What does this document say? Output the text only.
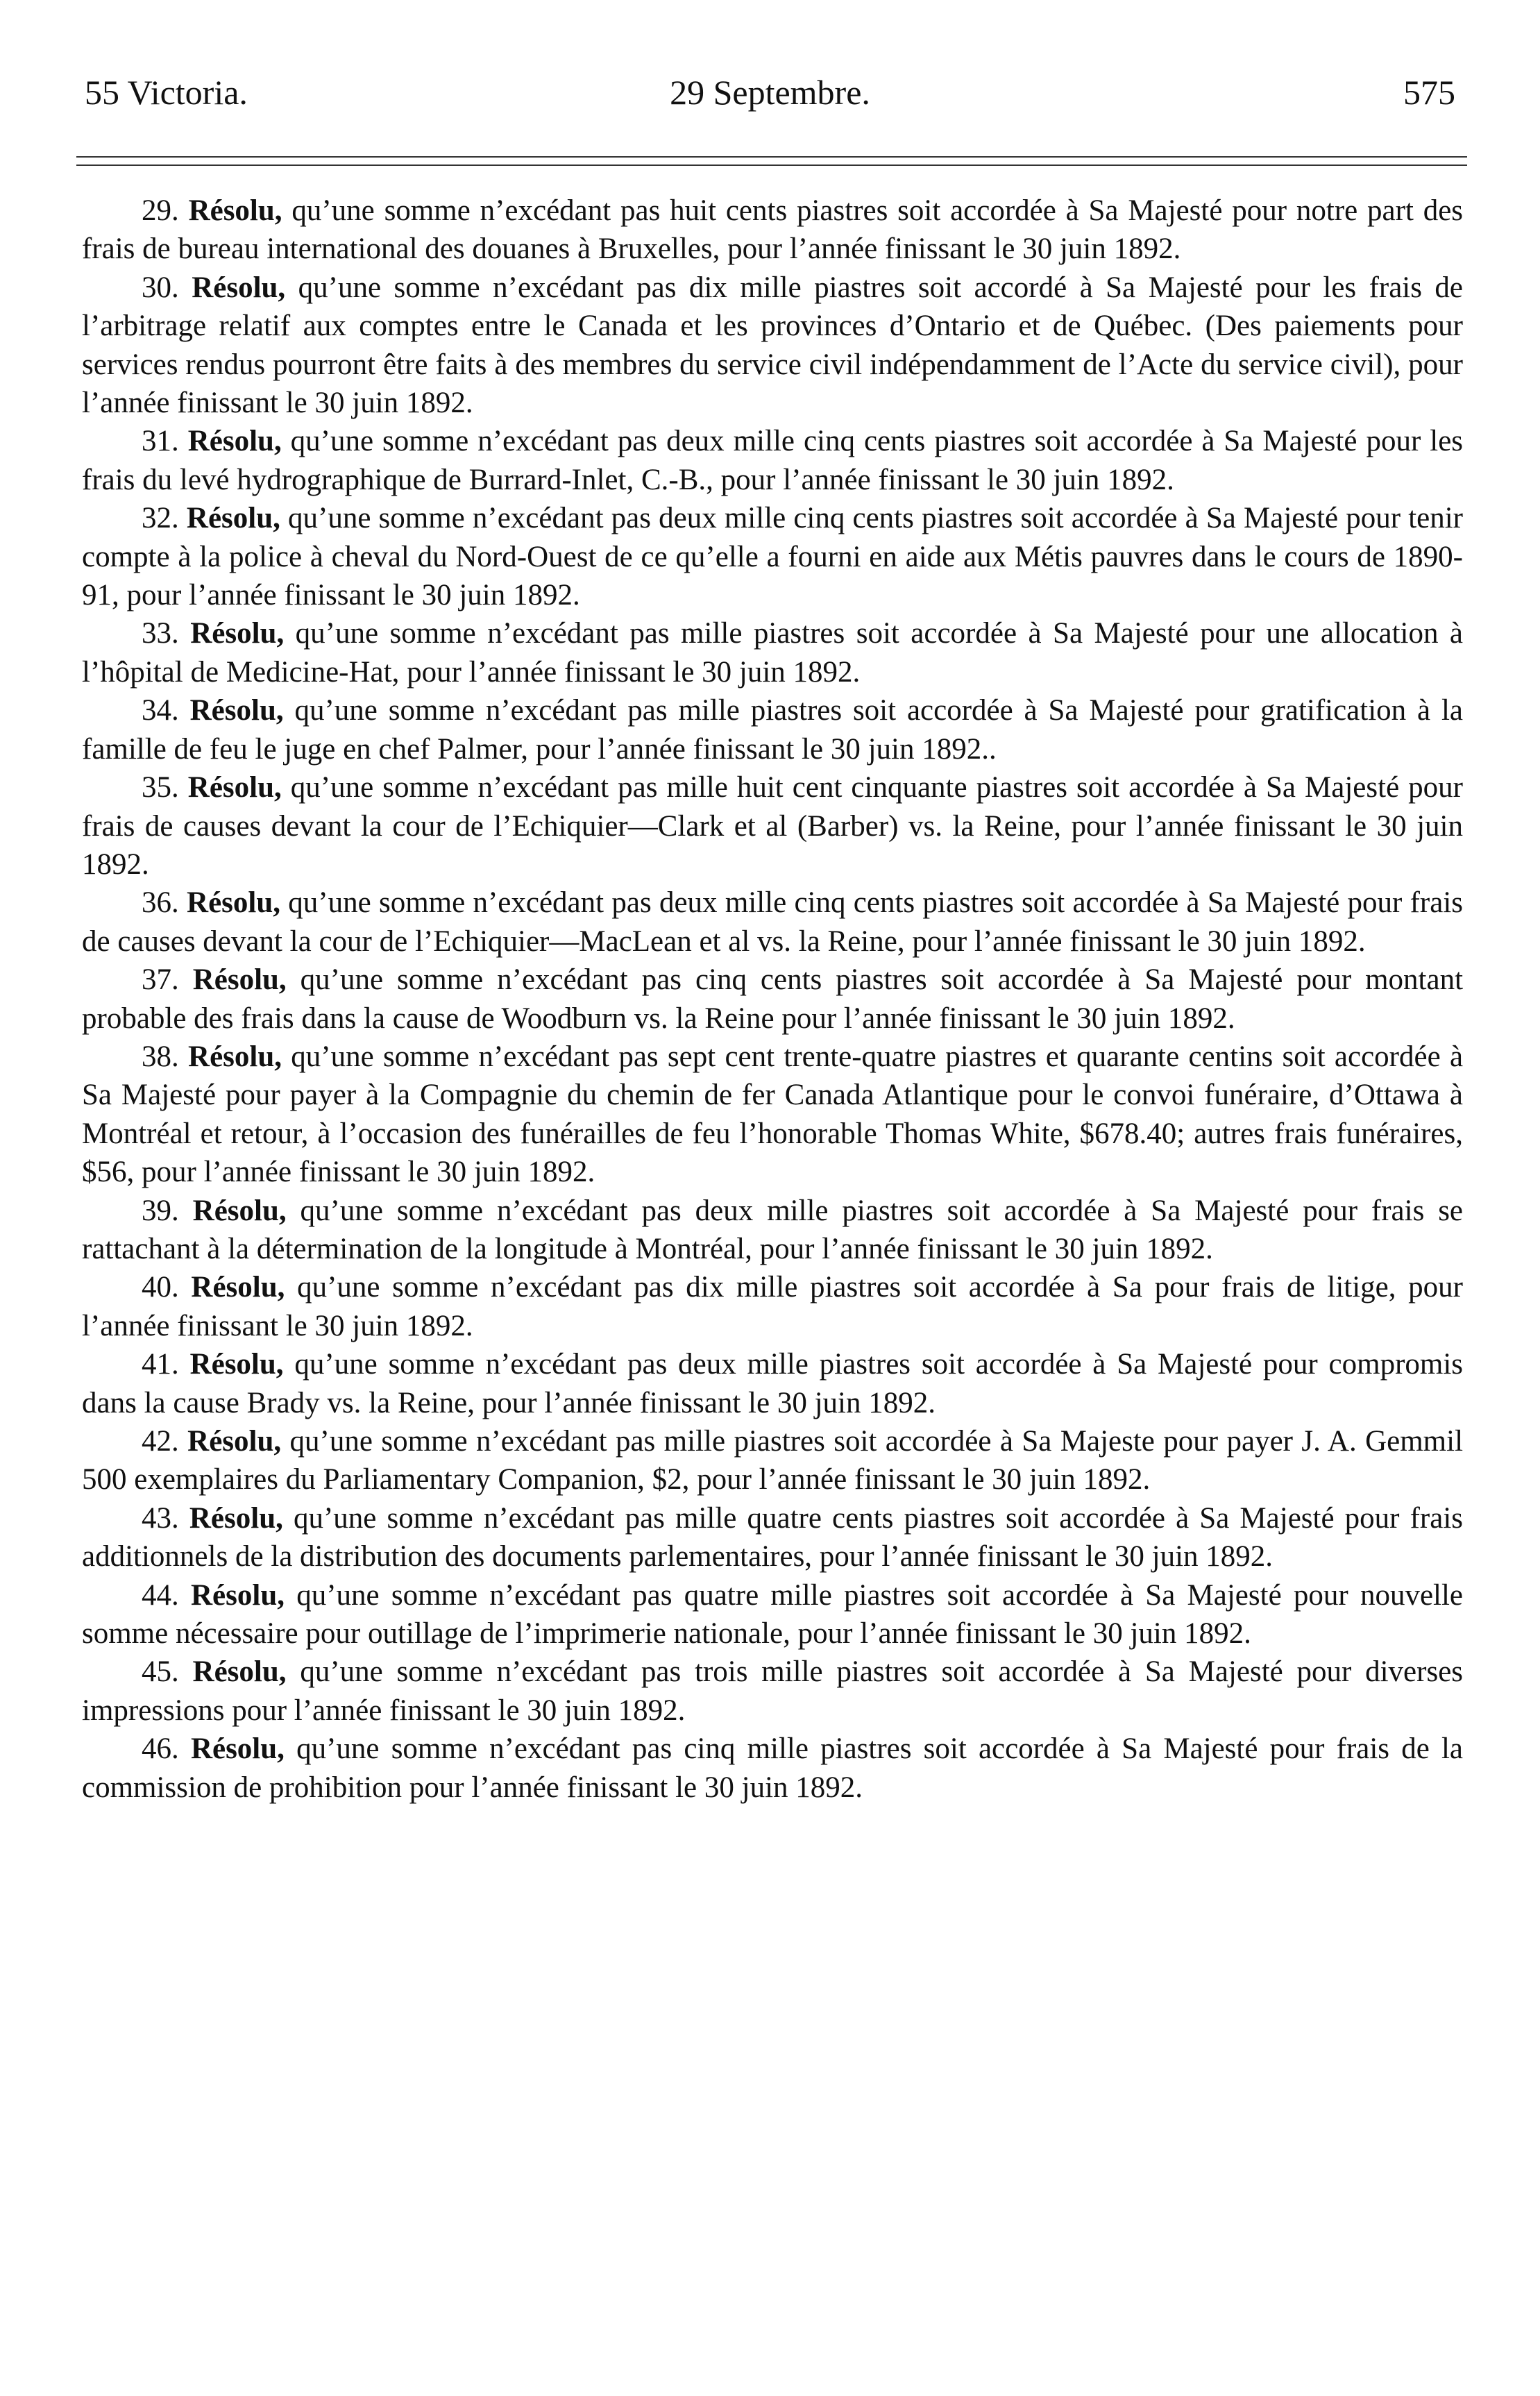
55 Victoria.	29 Septembre.	575

29. Résolu, qu’une somme n’excédant pas huit cents piastres soit accordée à Sa Majesté pour notre part des frais de bureau international des douanes à Bruxelles, pour l’année finissant le 30 juin 1892.

30. Résolu, qu’une somme n’excédant pas dix mille piastres soit accordé à Sa Majesté pour les frais de l’arbitrage relatif aux comptes entre le Canada et les provinces d’Ontario et de Québec. (Des paiements pour services rendus pourront être faits à des membres du service civil indépendamment de l’Acte du service civil), pour l’année finissant le 30 juin 1892.

31. Résolu, qu’une somme n’excédant pas deux mille cinq cents piastres soit accordée à Sa Majesté pour les frais du levé hydrographique de Burrard-Inlet, C.-B., pour l’année finissant le 30 juin 1892.

32. Résolu, qu’une somme n’excédant pas deux mille cinq cents piastres soit accordée à Sa Majesté pour tenir compte à la police à cheval du Nord-Ouest de ce qu’elle a fourni en aide aux Métis pauvres dans le cours de 1890-91, pour l’année finissant le 30 juin 1892.

33. Résolu, qu’une somme n’excédant pas mille piastres soit accordée à Sa Majesté pour une allocation à l’hôpital de Medicine-Hat, pour l’année finissant le 30 juin 1892.

34. Résolu, qu’une somme n’excédant pas mille piastres soit accordée à Sa Majesté pour gratification à la famille de feu le juge en chef Palmer, pour l’année finissant le 30 juin 1892..

35. Résolu, qu’une somme n’excédant pas mille huit cent cinquante piastres soit accordée à Sa Majesté pour frais de causes devant la cour de l’Echiquier—Clark et al (Barber) vs. la Reine, pour l’année finissant le 30 juin 1892.

36. Résolu, qu’une somme n’excédant pas deux mille cinq cents piastres soit accordée à Sa Majesté pour frais de causes devant la cour de l’Echiquier—MacLean et al vs. la Reine, pour l’année finissant le 30 juin 1892.

37. Résolu, qu’une somme n’excédant pas cinq cents piastres soit accordée à Sa Majesté pour montant probable des frais dans la cause de Woodburn vs. la Reine pour l’année finissant le 30 juin 1892.

38. Résolu, qu’une somme n’excédant pas sept cent trente-quatre piastres et quarante centins soit accordée à Sa Majesté pour payer à la Compagnie du chemin de fer Canada Atlantique pour le convoi funéraire, d’Ottawa à Montréal et retour, à l’occasion des funérailles de feu l’honorable Thomas White, $678.40; autres frais funéraires, $56, pour l’année finissant le 30 juin 1892.

39. Résolu, qu’une somme n’excédant pas deux mille piastres soit accordée à Sa Majesté pour frais se rattachant à la détermination de la longitude à Montréal, pour l’année finissant le 30 juin 1892.

40. Résolu, qu’une somme n’excédant pas dix mille piastres soit accordée à Sa pour frais de litige, pour l’année finissant le 30 juin 1892.

41. Résolu, qu’une somme n’excédant pas deux mille piastres soit accordée à Sa Majesté pour compromis dans la cause Brady vs. la Reine, pour l’année finissant le 30 juin 1892.

42. Résolu, qu’une somme n’excédant pas mille piastres soit accordée à Sa Majeste pour payer J. A. Gemmil 500 exemplaires du Parliamentary Companion, $2, pour l’année finissant le 30 juin 1892.

43. Résolu, qu’une somme n’excédant pas mille quatre cents piastres soit accordée à Sa Majesté pour frais additionnels de la distribution des documents parlementaires, pour l’année finissant le 30 juin 1892.

44. Résolu, qu’une somme n’excédant pas quatre mille piastres soit accordée à Sa Majesté pour nouvelle somme nécessaire pour outillage de l’imprimerie nationale, pour l’année finissant le 30 juin 1892.

45. Résolu, qu’une somme n’excédant pas trois mille piastres soit accordée à Sa Majesté pour diverses impressions pour l’année finissant le 30 juin 1892.

46. Résolu, qu’une somme n’excédant pas cinq mille piastres soit accordée à Sa Majesté pour frais de la commission de prohibition pour l’année finissant le 30 juin 1892.
